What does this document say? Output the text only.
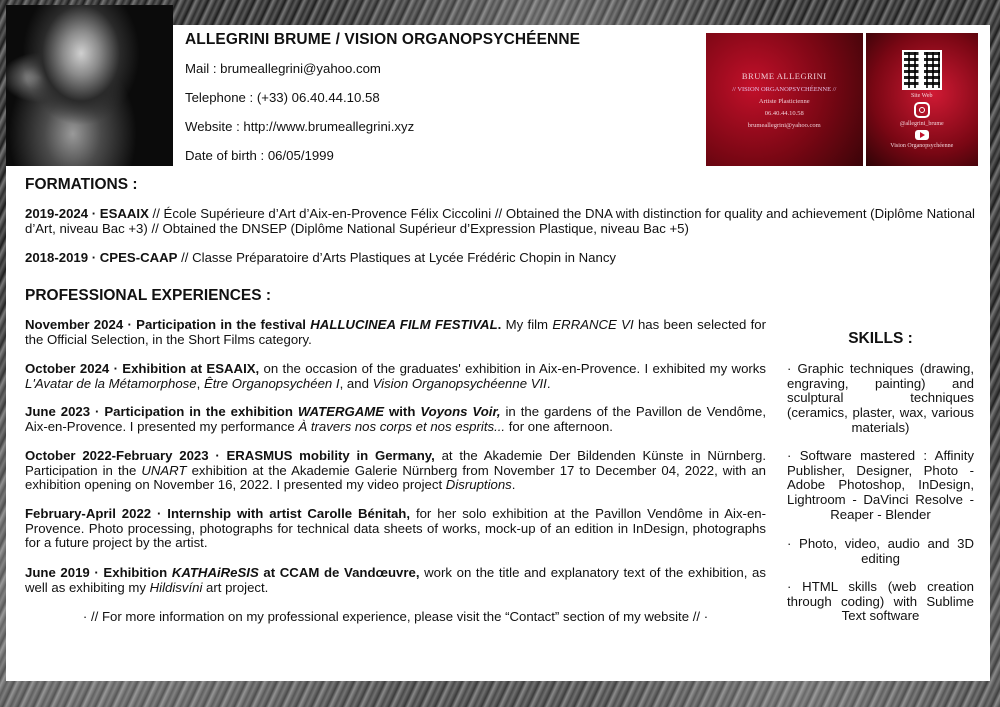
ALLEGRINI BRUME / VISION ORGANOPSYCHÉENNE
Mail : brumeallegrini@yahoo.com
Telephone : (+33) 06.40.44.10.58
Website : http://www.brumeallegrini.xyz
Date of birth : 06/05/1999
BRUME ALLEGRINI
// VISION ORGANOPSYCHÉENNE //
Artiste Plasticienne
06.40.44.10.58
brumeallegrini@yahoo.com
Site Web
@allegrini_brume
Vision Organopsychéenne
FORMATIONS :

2019-2024 · ESAAIX // École Supérieure d’Art d’Aix-en-Provence Félix Ciccolini // Obtained the DNA with distinction for quality and achievement (Diplôme National d’Art, niveau Bac +3) // Obtained the DNSEP (Diplôme National Supérieur d’Expression Plastique, niveau Bac +5)

2018-2019 · CPES-CAAP // Classe Préparatoire d’Arts Plastiques at Lycée Frédéric Chopin in Nancy

PROFESSIONAL EXPERIENCES :

November 2024 · Participation in the festival HALLUCINEA FILM FESTIVAL. My film ERRANCE VI has been selected for the Official Selection, in the Short Films category.

October 2024 · Exhibition at ESAAIX, on the occasion of the graduates' exhibition in Aix-en-Provence. I exhibited my works L'Avatar de la Métamorphose, Être Organopsychéen I, and Vision Organopsychéenne VII.

June 2023 · Participation in the exhibition WATERGAME with Voyons Voir, in the gardens of the Pavillon de Vendôme, Aix-en-Provence. I presented my performance À travers nos corps et nos esprits... for one afternoon.

October 2022-February 2023 · ERASMUS mobility in Germany, at the Akademie Der Bildenden Künste in Nürnberg. Participation in the UNART exhibition at the Akademie Galerie Nürnberg from November 17 to December 04, 2022, with an exhibition opening on November 16, 2022. I presented my video project Disruptions.

February-April 2022 · Internship with artist Carolle Bénitah, for her solo exhibition at the Pavillon Vendôme in Aix-en-Provence. Photo processing, photographs for technical data sheets of works, mock-up of an edition in InDesign, photographs for a future project by the artist.

June 2019 · Exhibition KATHAiReSIS at CCAM de Vandœuvre, work on the title and explanatory text of the exhibition, as well as exhibiting my Hildisvíni art project.

· // For more information on my professional experience, please visit the “Contact” section of my website // ·

SKILLS :

· Graphic techniques (drawing, engraving, painting) and sculptural techniques (ceramics, plaster, wax, various materials)

· Software mastered : Affinity Publisher, Designer, Photo - Adobe Photoshop, InDesign, Lightroom - DaVinci Resolve - Reaper - Blender

· Photo, video, audio and 3D editing

· HTML skills (web creation through coding) with Sublime Text software
